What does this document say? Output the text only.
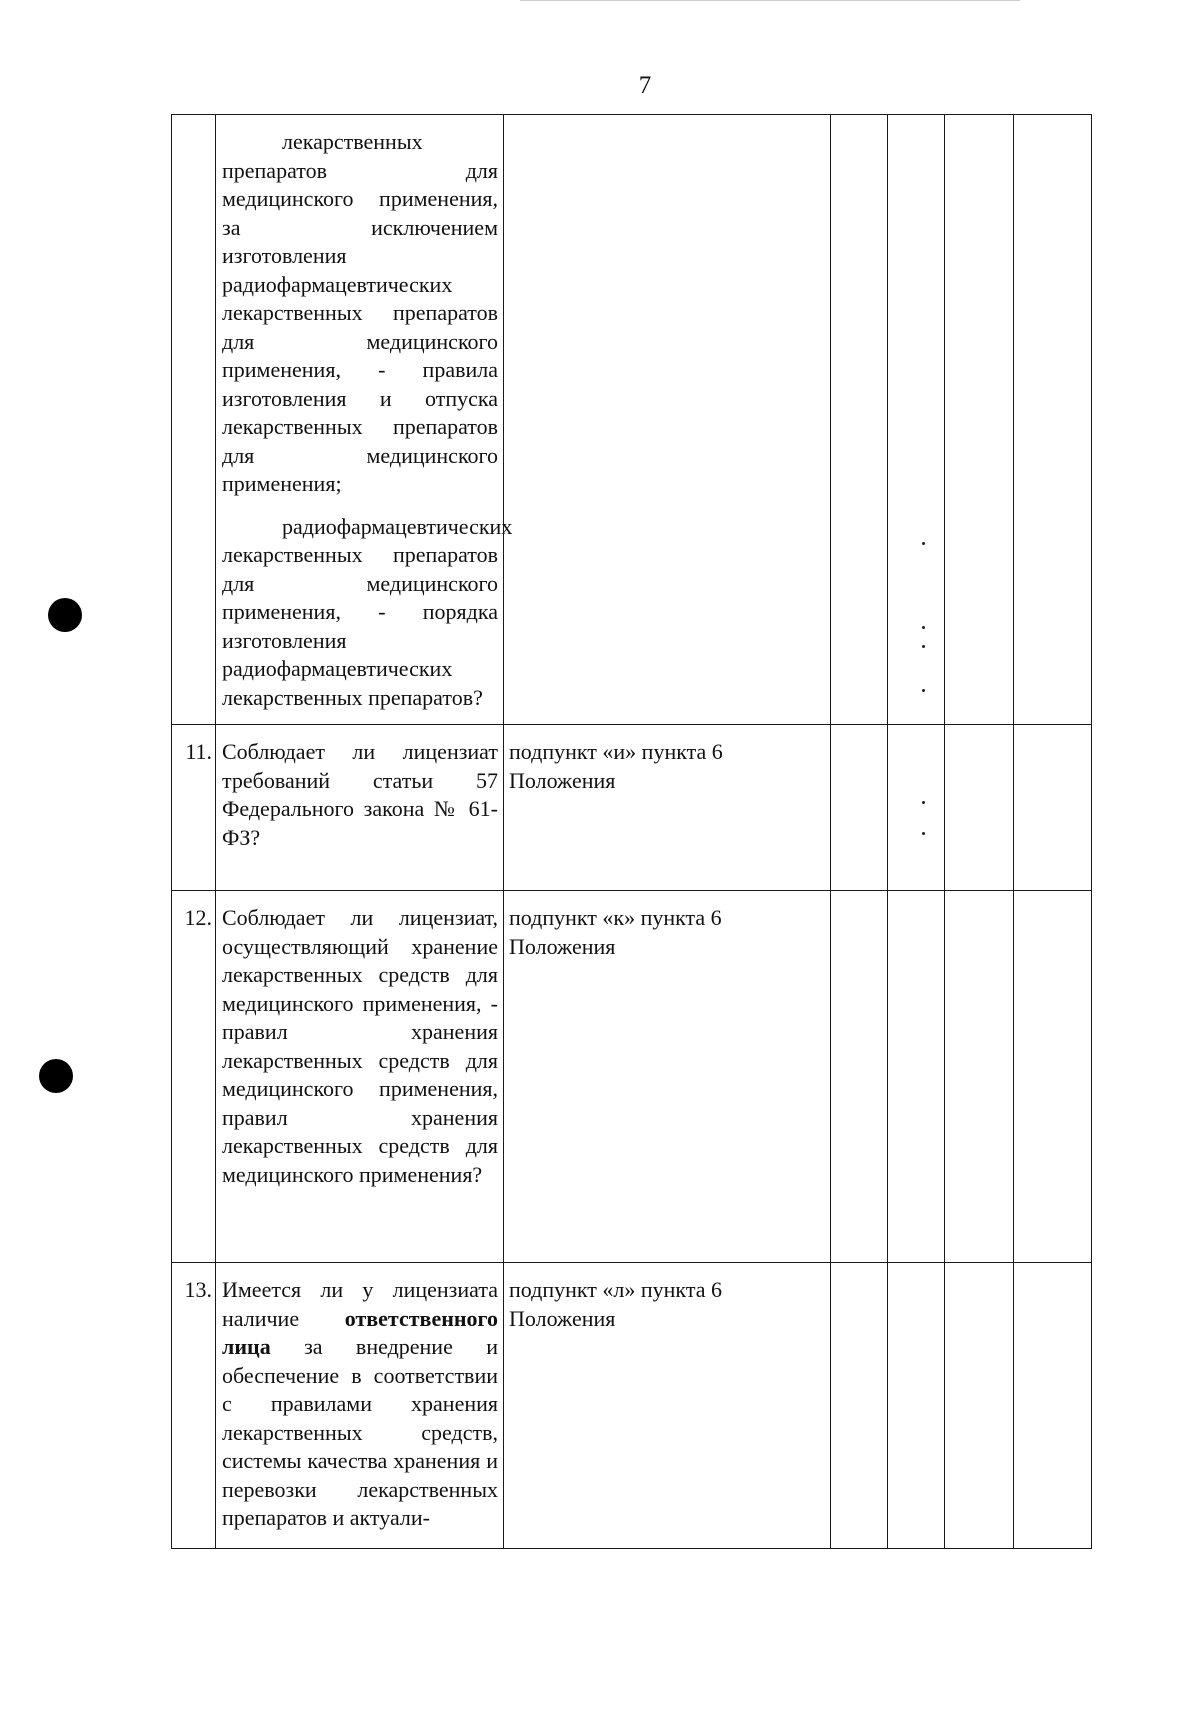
7

	лекарственных препаратов для медицинского применения, за исключением изготовления радиофармацевтических лекарственных препаратов для медицинского применения, - правила изготовления и отпуска лекарственных препаратов для медицинского применения;

радиофармацевтических лекарственных препаратов для медицинского применения, - порядка изготовления радиофармацевтических лекарственных препаратов?					

11.	Соблюдает ли лицензиат требований статьи 57 Федерального закона № 61-ФЗ?	подпункт «и» пункта 6 Положения				
12.	Соблюдает ли лицензиат, осуществляющий хранение лекарственных средств для медицинского применения, - правил хранения лекарственных средств для медицинского применения, правил хранения лекарственных средств для медицинского применения?	подпункт «к» пункта 6 Положения				
13.	Имеется ли у лицензиата наличие ответственного лица за внедрение и обеспечение в соответствии с правилами хранения лекарственных средств, системы качества хранения и перевозки лекарственных препаратов и актуали-	подпункт «л» пункта 6 Положения				
